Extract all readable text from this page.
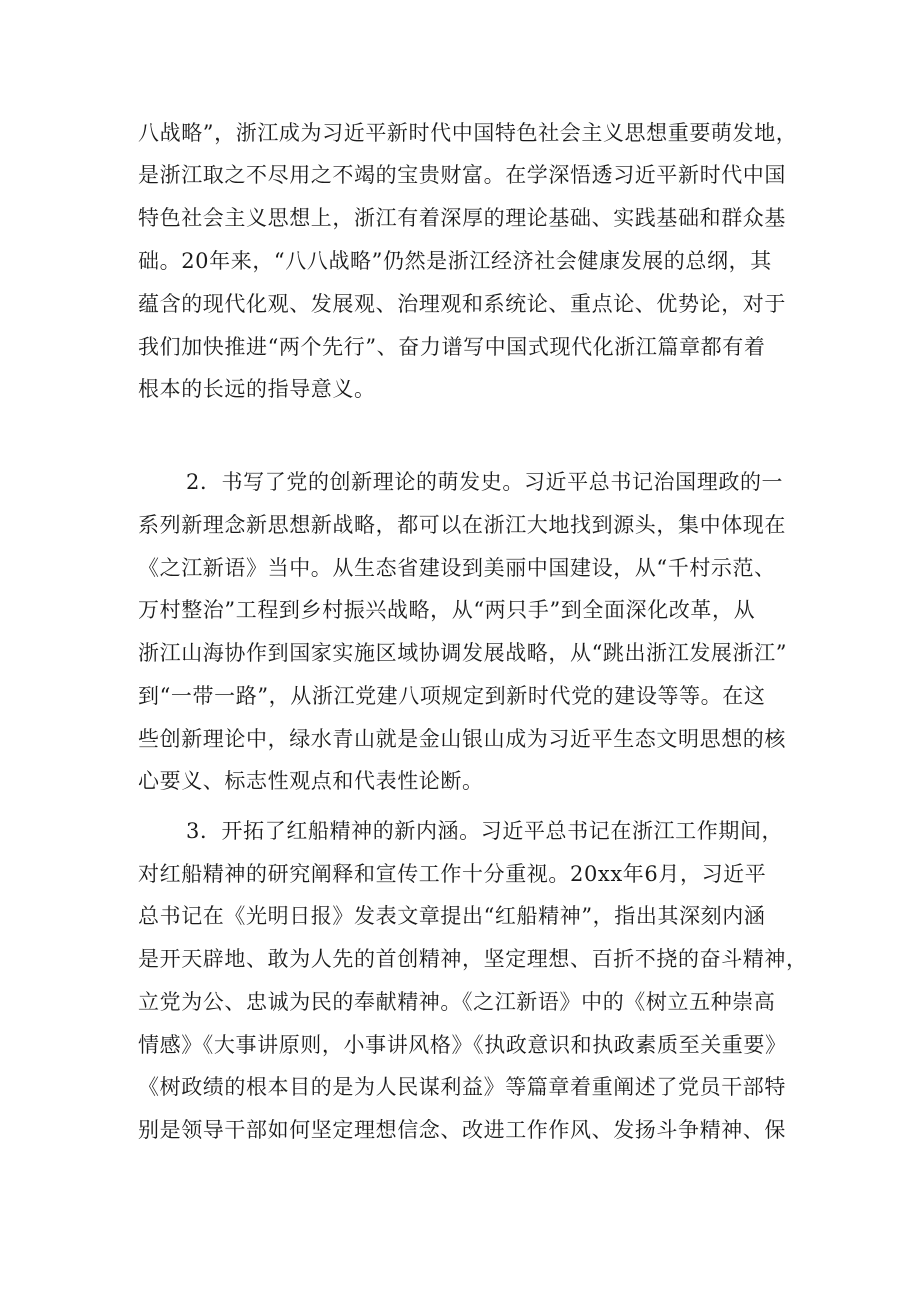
八战略”，浙江成为习近平新时代中国特色社会主义思想重要萌发地，
是浙江取之不尽用之不竭的宝贵财富。在学深悟透习近平新时代中国
特色社会主义思想上，浙江有着深厚的理论基础、实践基础和群众基
础。20年来，“八八战略”仍然是浙江经济社会健康发展的总纲，其
蕴含的现代化观、发展观、治理观和系统论、重点论、优势论，对于
我们加快推进“两个先行”、奋力谱写中国式现代化浙江篇章都有着
根本的长远的指导意义。
2．书写了党的创新理论的萌发史。习近平总书记治国理政的一
系列新理念新思想新战略，都可以在浙江大地找到源头，集中体现在
《之江新语》当中。从生态省建设到美丽中国建设，从“千村示范、
万村整治”工程到乡村振兴战略，从“两只手”到全面深化改革，从
浙江山海协作到国家实施区域协调发展战略，从“跳出浙江发展浙江”
到“一带一路”，从浙江党建八项规定到新时代党的建设等等。在这
些创新理论中，绿水青山就是金山银山成为习近平生态文明思想的核
心要义、标志性观点和代表性论断。
3．开拓了红船精神的新内涵。习近平总书记在浙江工作期间，
对红船精神的研究阐释和宣传工作十分重视。20xx年6月，习近平
总书记在《光明日报》发表文章提出“红船精神”，指出其深刻内涵
是开天辟地、敢为人先的首创精神，坚定理想、百折不挠的奋斗精神，
立党为公、忠诚为民的奉献精神。《之江新语》中的《树立五种崇高
情感》《大事讲原则，小事讲风格》《执政意识和执政素质至关重要》
《树政绩的根本目的是为人民谋利益》等篇章着重阐述了党员干部特
别是领导干部如何坚定理想信念、改进工作作风、发扬斗争精神、保
